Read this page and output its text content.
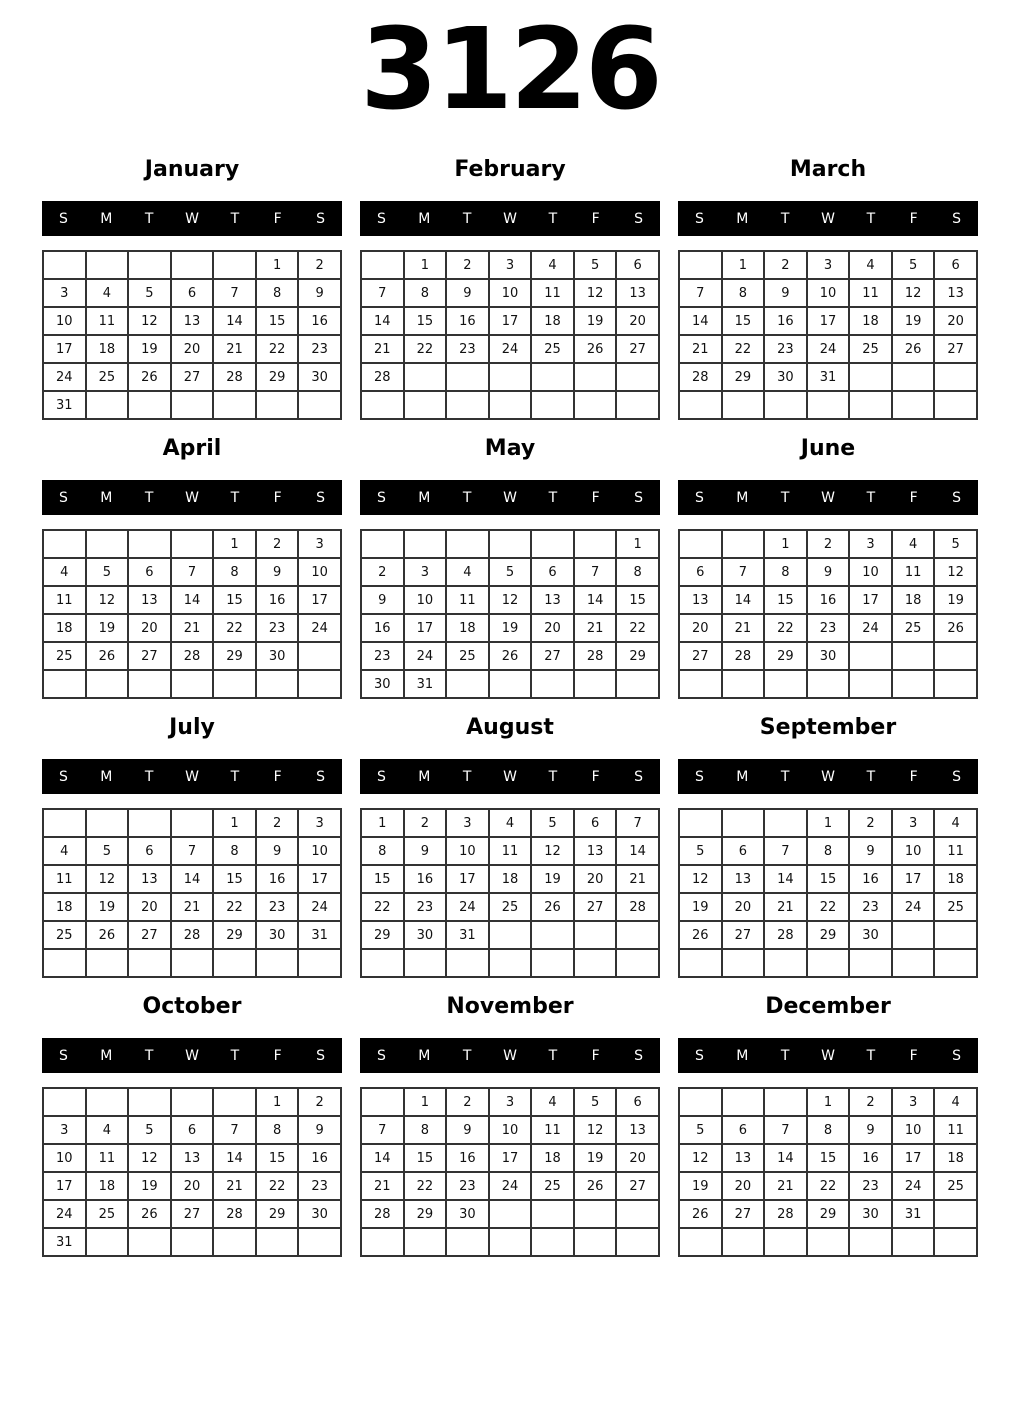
3126
January
S	M	T	W	T	F	S
					1	2
3	4	5	6	7	8	9
10	11	12	13	14	15	16
17	18	19	20	21	22	23
24	25	26	27	28	29	30
31						
February
S	M	T	W	T	F	S
	1	2	3	4	5	6
7	8	9	10	11	12	13
14	15	16	17	18	19	20
21	22	23	24	25	26	27
28						

March
S	M	T	W	T	F	S
	1	2	3	4	5	6
7	8	9	10	11	12	13
14	15	16	17	18	19	20
21	22	23	24	25	26	27
28	29	30	31			

April
S	M	T	W	T	F	S
				1	2	3
4	5	6	7	8	9	10
11	12	13	14	15	16	17
18	19	20	21	22	23	24
25	26	27	28	29	30	

May
S	M	T	W	T	F	S
						1
2	3	4	5	6	7	8
9	10	11	12	13	14	15
16	17	18	19	20	21	22
23	24	25	26	27	28	29
30	31					
June
S	M	T	W	T	F	S
		1	2	3	4	5
6	7	8	9	10	11	12
13	14	15	16	17	18	19
20	21	22	23	24	25	26
27	28	29	30			

July
S	M	T	W	T	F	S
				1	2	3
4	5	6	7	8	9	10
11	12	13	14	15	16	17
18	19	20	21	22	23	24
25	26	27	28	29	30	31

August
S	M	T	W	T	F	S
1	2	3	4	5	6	7
8	9	10	11	12	13	14
15	16	17	18	19	20	21
22	23	24	25	26	27	28
29	30	31				

September
S	M	T	W	T	F	S
			1	2	3	4
5	6	7	8	9	10	11
12	13	14	15	16	17	18
19	20	21	22	23	24	25
26	27	28	29	30		

October
S	M	T	W	T	F	S
					1	2
3	4	5	6	7	8	9
10	11	12	13	14	15	16
17	18	19	20	21	22	23
24	25	26	27	28	29	30
31						
November
S	M	T	W	T	F	S
	1	2	3	4	5	6
7	8	9	10	11	12	13
14	15	16	17	18	19	20
21	22	23	24	25	26	27
28	29	30				

December
S	M	T	W	T	F	S
			1	2	3	4
5	6	7	8	9	10	11
12	13	14	15	16	17	18
19	20	21	22	23	24	25
26	27	28	29	30	31	
